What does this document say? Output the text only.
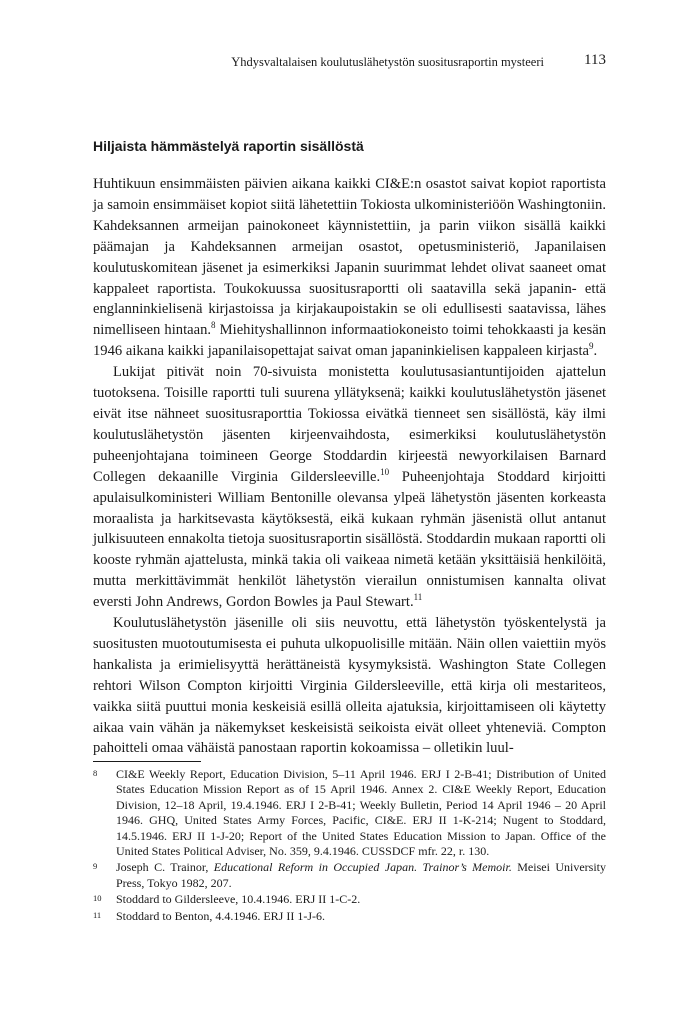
Yhdysvaltalaisen koulutuslähetystön suositusraportin mysteeri	113
Hiljaista hämmästelyä raportin sisällöstä

Huhtikuun ensimmäisten päivien aikana kaikki CI&E:n osastot saivat kopiot raportista ja samoin ensimmäiset kopiot siitä lähetettiin Tokiosta ulkoministeriöön Washingtoniin. Kahdeksannen armeijan painokoneet käynnistettiin, ja parin viikon sisällä kaikki päämajan ja Kahdeksannen armeijan osastot, opetusministeriö, Japanilaisen koulutuskomitean jäsenet ja esimerkiksi Japanin suurimmat lehdet olivat saaneet omat kappaleet raportista. Toukokuussa suositusraportti oli saatavilla sekä japanin- että englanninkielisenä kirjastoissa ja kirjakaupoistakin se oli edullisesti saatavissa, lähes nimelliseen hintaan.$^8$ Miehityshallinnon informaatiokoneisto toimi tehokkaasti ja kesän 1946 aikana kaikki japanilaisopettajat saivat oman japaninkielisen kappaleen kirjasta$^9$.

Lukijat pitivät noin 70-sivuista monistetta koulutusasiantuntijoiden ajattelun tuotoksena. Toisille raportti tuli suurena yllätyksenä; kaikki koulutuslähetystön jäsenet eivät itse nähneet suositusraporttia Tokiossa eivätkä tienneet sen sisällöstä, käy ilmi koulutuslähetystön jäsenten kirjeenvaihdosta, esimerkiksi koulutuslähetystön puheenjohtajana toimineen George Stoddardin kirjeestä newyorkilaisen Barnard Collegen dekaanille Virginia Gildersleeville.$^{10}$ Puheenjohtaja Stoddard kirjoitti apulaisulkoministeri William Bentonille olevansa ylpeä lähetystön jäsenten korkeasta moraalista ja harkitsevasta käytöksestä, eikä kukaan ryhmän jäsenistä ollut antanut julkisuuteen ennakolta tietoja suositusraportin sisällöstä. Stoddardin mukaan raportti oli kooste ryhmän ajattelusta, minkä takia oli vaikeaa nimetä ketään yksittäisiä henkilöitä, mutta merkittävimmät henkilöt lähetystön vierailun onnistumisen kannalta olivat eversti John Andrews, Gordon Bowles ja Paul Stewart.$^{11}$

Koulutuslähetystön jäsenille oli siis neuvottu, että lähetystön työskentelystä ja suositusten muotoutumisesta ei puhuta ulkopuolisille mitään. Näin ollen vaiettiin myös hankalista ja erimielisyyttä herättäneistä kysymyksistä. Washington State Collegen rehtori Wilson Compton kirjoitti Virginia Gildersleeville, että kirja oli mestariteos, vaikka siitä puuttui monia keskeisiä esillä olleita ajatuksia, kirjoittamiseen oli käytetty aikaa vain vähän ja näkemykset keskeisistä seikoista eivät olleet yhteneviä. Compton pahoitteli omaa vähäistä panostaan raportin kokoamissa – olletikin luul-

8	CI&E Weekly Report, Education Division, 5–11 April 1946. ERJ I 2-B-41; Distribution of United States Education Mission Report as of 15 April 1946. Annex 2. CI&E Weekly Report, Education Division, 12–18 April, 19.4.1946. ERJ I 2-B-41; Weekly Bulletin, Period 14 April 1946 – 20 April 1946. GHQ, United States Army Forces, Pacific, CI&E. ERJ II 1-K-214; Nugent to Stoddard, 14.5.1946. ERJ II 1-J-20; Report of the United States Education Mission to Japan. Office of the United States Political Adviser, No. 359, 9.4.1946. CUSSDCF mfr. 22, r. 130.
9	Joseph C. Trainor, Educational Reform in Occupied Japan. Trainor’s Memoir. Meisei University Press, Tokyo 1982, 207.
10	Stoddard to Gildersleeve, 10.4.1946. ERJ II 1-C-2.
11	Stoddard to Benton, 4.4.1946. ERJ II 1-J-6.
